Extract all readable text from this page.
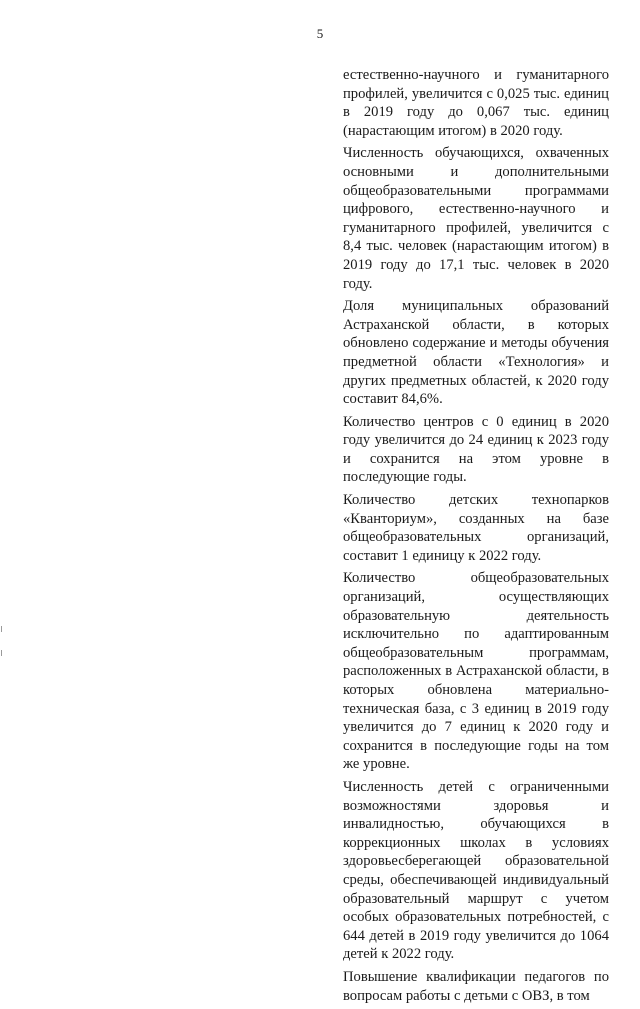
5

естественно-научного и гуманитарного профилей, увеличится с 0,025 тыс. единиц в 2019 году до 0,067 тыс. единиц (нарастающим итогом) в 2020 году.

Численность обучающихся, охваченных основными и дополнительными общеобразовательными программами цифрового, естественно-научного и гуманитарного профилей, увеличится с 8,4 тыс. человек (нарастающим итогом) в 2019 году до 17,1 тыс. человек в 2020 году.

Доля муниципальных образований Астраханской области, в которых обновлено содержание и методы обучения предметной области «Технология» и других предметных областей, к 2020 году составит 84,6%.

Количество центров с 0 единиц в 2020 году увеличится до 24 единиц к 2023 году и сохранится на этом уровне в последующие годы.

Количество детских технопарков «Кванториум», созданных на базе общеобразовательных организаций, составит 1 единицу к 2022 году.

Количество общеобразовательных организаций, осуществляющих образовательную деятельность исключительно по адаптированным общеобразовательным программам, расположенных в Астраханской области, в которых обновлена материально-техническая база, с 3 единиц в 2019 году увеличится до 7 единиц к 2020 году и сохранится в последующие годы на том же уровне.

Численность детей с ограниченными возможностями здоровья и инвалидностью, обучающихся в коррекционных школах в условиях здоровьесберегающей образовательной среды, обеспечивающей индивидуальный образовательный маршрут с учетом особых образовательных потребностей, с 644 детей в 2019 году увеличится до 1064 детей к 2022 году.

Повышение квалификации педагогов по вопросам работы с детьми с ОВЗ, в том
